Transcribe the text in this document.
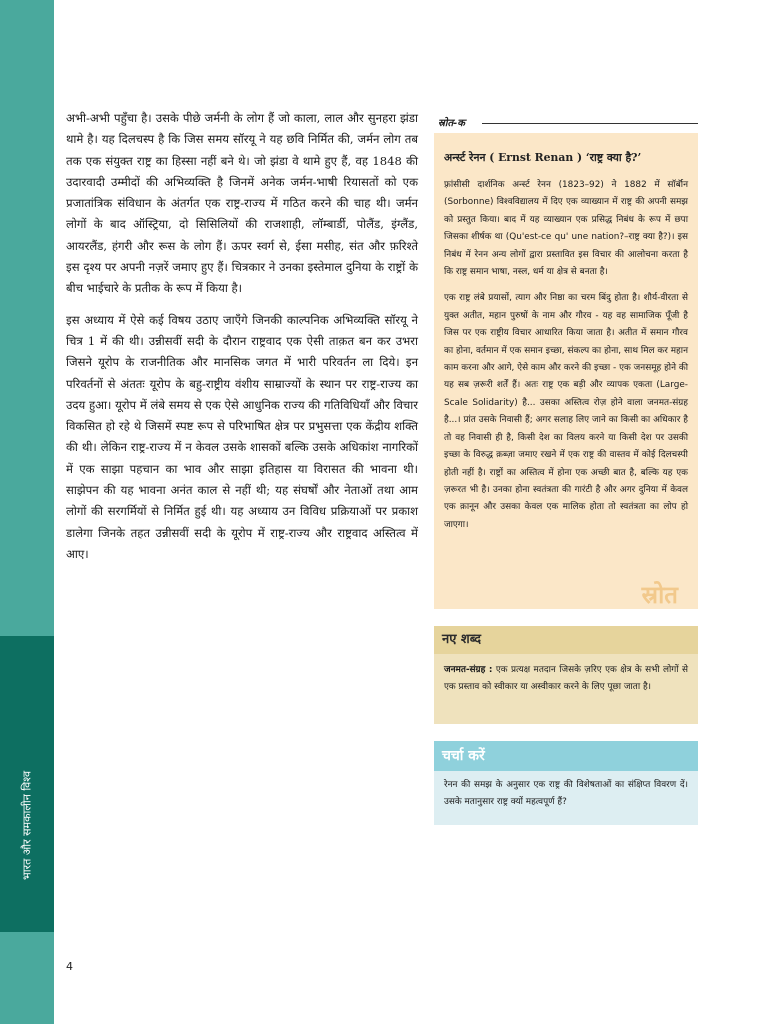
भारत और समकालीन विश्व

अभी-अभी पहुँचा है। उसके पीछे जर्मनी के लोग हैं जो काला, लाल और सुनहरा झंडा थामे है। यह दिलचस्प है कि जिस समय सॉरयू ने यह छवि निर्मित की, जर्मन लोग तब तक एक संयुक्त राष्ट्र का हिस्सा नहीं बने थे। जो झंडा वे थामे हुए हैं, वह 1848 की उदारवादी उम्मीदों की अभिव्यक्ति है जिनमें अनेक जर्मन-भाषी रियासतों को एक प्रजातांत्रिक संविधान के अंतर्गत एक राष्ट्र-राज्य में गठित करने की चाह थी। जर्मन लोगों के बाद ऑस्ट्रिया, दो सिसिलियों की राजशाही, लॉम्बार्डी, पोलैंड, इंग्लैंड, आयरलैंड, हंगरी और रूस के लोग हैं। ऊपर स्वर्ग से, ईसा मसीह, संत और फ़रिश्ते इस दृश्य पर अपनी नज़रें जमाए हुए हैं। चित्रकार ने उनका इस्तेमाल दुनिया के राष्ट्रों के बीच भाईचारे के प्रतीक के रूप में किया है।

इस अध्याय में ऐसे कई विषय उठाए जाएँगे जिनकी काल्पनिक अभिव्यक्ति सॉरयू ने चित्र 1 में की थी। उन्नीसवीं सदी के दौरान राष्ट्रवाद एक ऐसी ताक़त बन कर उभरा जिसने यूरोप के राजनीतिक और मानसिक जगत में भारी परिवर्तन ला दिये। इन परिवर्तनों से अंततः यूरोप के बहु-राष्ट्रीय वंशीय साम्राज्यों के स्थान पर राष्ट्र-राज्य का उदय हुआ। यूरोप में लंबे समय से एक ऐसे आधुनिक राज्य की गतिविधियाँ और विचार विकसित हो रहे थे जिसमें स्पष्ट रूप से परिभाषित क्षेत्र पर प्रभुसत्ता एक केंद्रीय शक्ति की थी। लेकिन राष्ट्र-राज्य में न केवल उसके शासकों बल्कि उसके अधिकांश नागरिकों में एक साझा पहचान का भाव और साझा इतिहास या विरासत की भावना थी। साझेपन की यह भावना अनंत काल से नहीं थी; यह संघर्षों और नेताओं तथा आम लोगों की सरगर्मियों से निर्मित हुई थी। यह अध्याय उन विविध प्रक्रियाओं पर प्रकाश डालेगा जिनके तहत उन्नीसवीं सदी के यूरोप में राष्ट्र-राज्य और राष्ट्रवाद अस्तित्व में आए।

स्रोत-क
अर्न्स्ट रेनन ( Ernst Renan ) ‘राष्ट्र क्या है?’

फ़्रांसीसी दार्शनिक अर्न्स्ट रेनन (1823–92) ने 1882 में सॉर्बॉन (Sorbonne) विश्वविद्यालय में दिए एक व्याख्यान में राष्ट्र की अपनी समझ को प्रस्तुत किया। बाद में यह व्याख्यान एक प्रसिद्ध निबंध के रूप में छपा जिसका शीर्षक था (Qu'est-ce qu' une nation?–राष्ट्र क्या है?)। इस निबंध में रेनन अन्य लोगों द्वारा प्रस्तावित इस विचार की आलोचना करता है कि राष्ट्र समान भाषा, नस्ल, धर्म या क्षेत्र से बनता है।

एक राष्ट्र लंबे प्रयासों, त्याग और निष्ठा का चरम बिंदु होता है। शौर्य-वीरता से युक्त अतीत, महान पुरुषों के नाम और गौरव - यह वह सामाजिक पूँजी है जिस पर एक राष्ट्रीय विचार आधारित किया जाता है। अतीत में समान गौरव का होना, वर्तमान में एक समान इच्छा, संकल्प का होना, साथ मिल कर महान काम करना और आगे, ऐसे काम और करने की इच्छा - एक जनसमूह होने की यह सब ज़रूरी शर्तें हैं। अतः राष्ट्र एक बड़ी और व्यापक एकता (Large-Scale Solidarity) है... उसका अस्तित्व रोज़ होने वाला जनमत-संग्रह है...। प्रांत उसके निवासी हैं; अगर सलाह लिए जाने का किसी का अधिकार है तो वह निवासी ही है, किसी देश का विलय करने या किसी देश पर उसकी इच्छा के विरुद्ध क़ब्ज़ा जमाए रखने में एक राष्ट्र की वास्तव में कोई दिलचस्पी होती नहीं है। राष्ट्रों का अस्तित्व में होना एक अच्छी बात है, बल्कि यह एक ज़रूरत भी है। उनका होना स्वतंत्रता की गारंटी है और अगर दुनिया में केवल एक क़ानून और उसका केवल एक मालिक होता तो स्वतंत्रता का लोप हो जाएगा।

स्रोत
नए शब्द
जनमत-संग्रह : एक प्रत्यक्ष मतदान जिसके ज़रिए एक क्षेत्र के सभी लोगों से एक प्रस्ताव को स्वीकार या अस्वीकार करने के लिए पूछा जाता है।
चर्चा करें
रेनन की समझ के अनुसार एक राष्ट्र की विशेषताओं का संक्षिप्त विवरण दें। उसके मतानुसार राष्ट्र क्यों महत्वपूर्ण हैं?
4
